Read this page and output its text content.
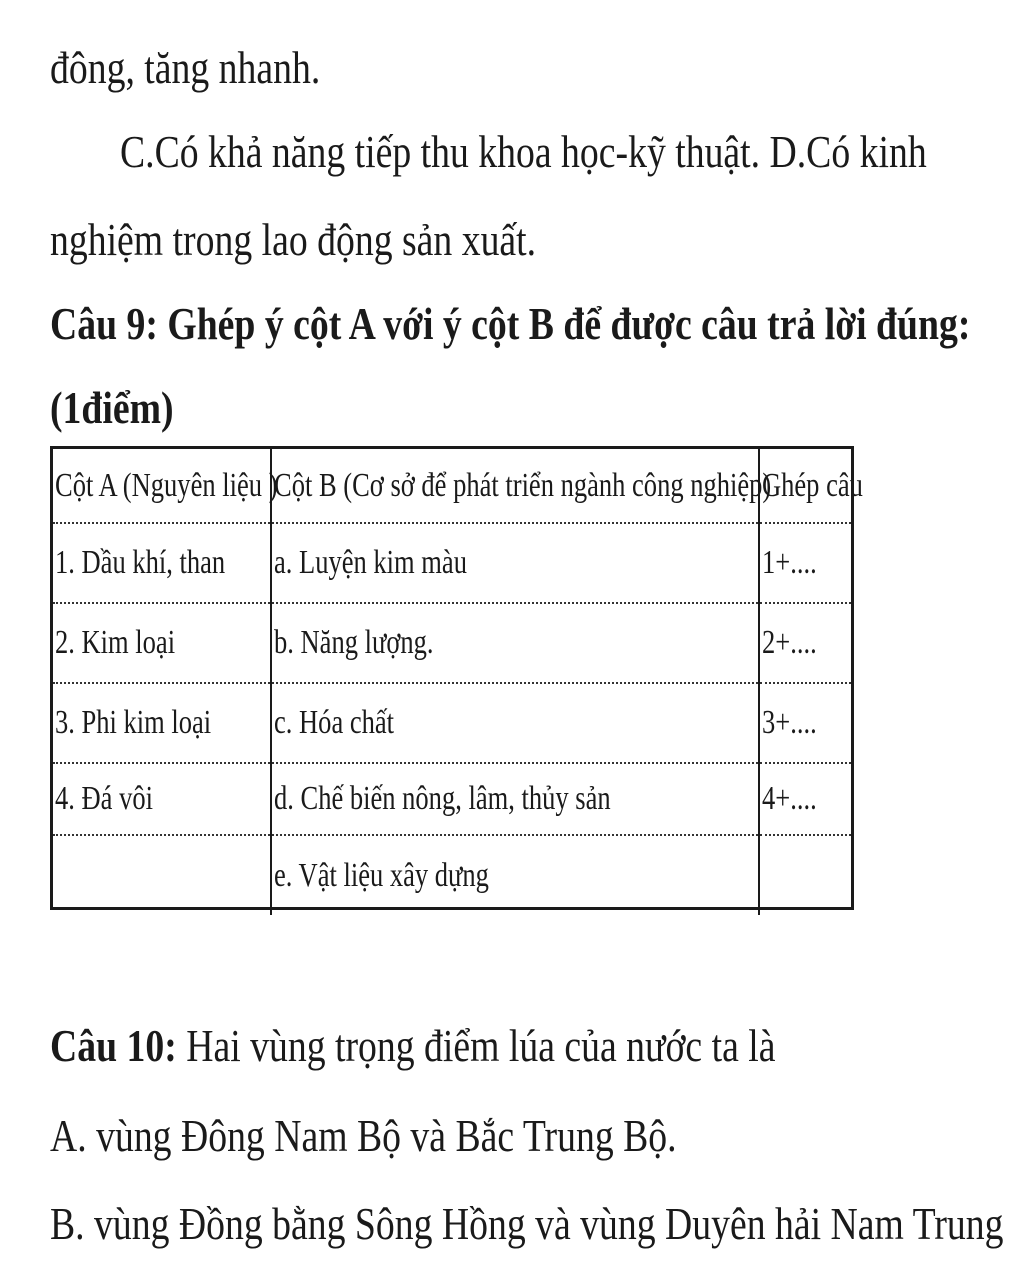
đông, tăng nhanh.
C.Có khả năng tiếp thu khoa học-kỹ thuật. D.Có kinh
nghiệm trong lao động sản xuất.
Câu 9: Ghép ý cột A với ý cột B để được câu trả lời đúng:
(1điểm)
Cột A (Nguyên liệu )	Cột B (Cơ sở để phát triển ngành công nghiệp)	Ghép câu
1. Dầu khí, than	a. Luyện kim màu	1+....
2. Kim loại	b. Năng lượng.	2+....
3. Phi kim loại	c. Hóa chất	3+....
4. Đá vôi	d. Chế biến nông, lâm, thủy sản	4+....
	e. Vật liệu xây dựng	
Câu 10: Hai vùng trọng điểm lúa của nước ta là
A. vùng Đông Nam Bộ và Bắc Trung Bộ.
B. vùng Đồng bằng Sông Hồng và vùng Duyên hải Nam Trung
